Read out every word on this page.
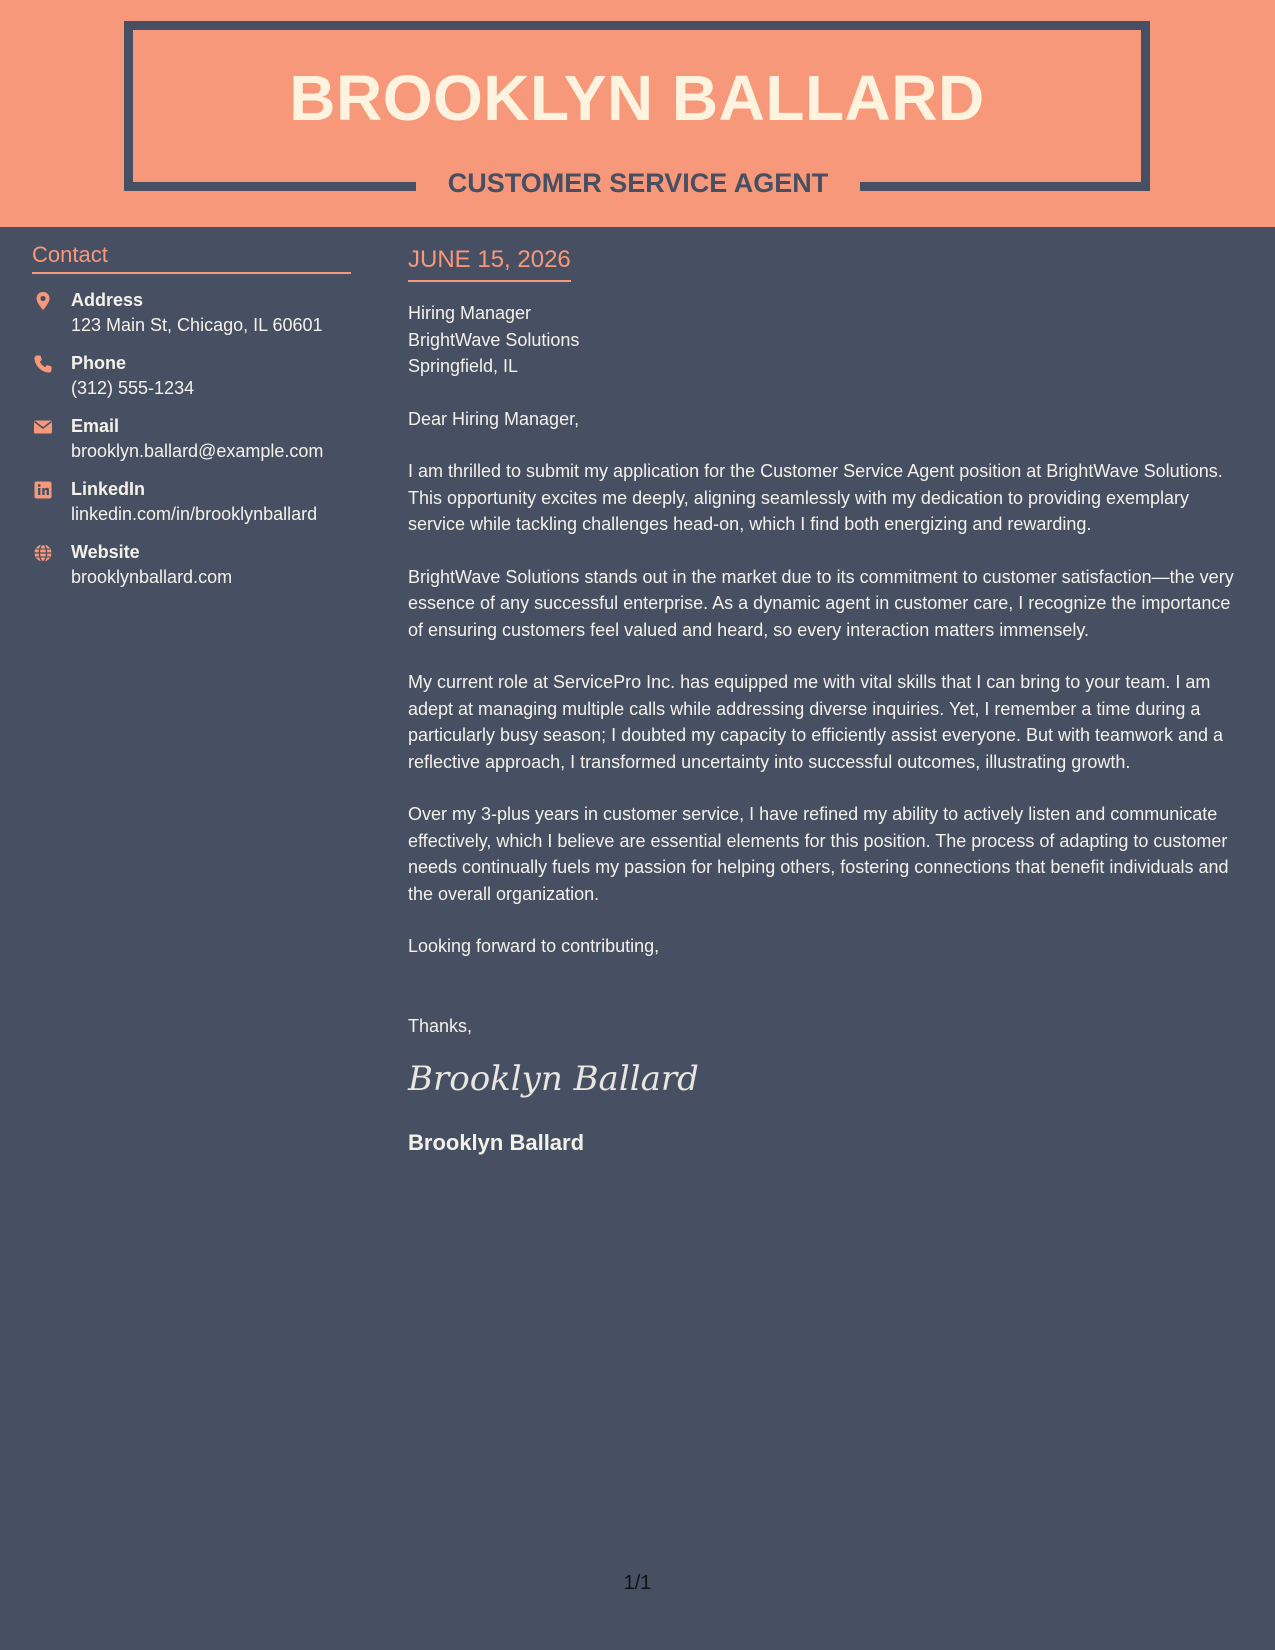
BROOKLYN BALLARD
CUSTOMER SERVICE AGENT
Contact
Address
123 Main St, Chicago, IL 60601
Phone
(312) 555-1234
Email
brooklyn.ballard@example.com
LinkedIn
linkedin.com/in/brooklynballard
Website
brooklynballard.com
JUNE 15, 2026
Hiring Manager
BrightWave Solutions
Springfield, IL
Dear Hiring Manager,
I am thrilled to submit my application for the Customer Service Agent position at BrightWave Solutions. This opportunity excites me deeply, aligning seamlessly with my dedication to providing exemplary service while tackling challenges head-on, which I find both energizing and rewarding.
BrightWave Solutions stands out in the market due to its commitment to customer satisfaction—the very essence of any successful enterprise. As a dynamic agent in customer care, I recognize the importance of ensuring customers feel valued and heard, so every interaction matters immensely.
My current role at ServicePro Inc. has equipped me with vital skills that I can bring to your team. I am adept at managing multiple calls while addressing diverse inquiries. Yet, I remember a time during a particularly busy season; I doubted my capacity to efficiently assist everyone. But with teamwork and a reflective approach, I transformed uncertainty into successful outcomes, illustrating growth.
Over my 3-plus years in customer service, I have refined my ability to actively listen and communicate effectively, which I believe are essential elements for this position. The process of adapting to customer needs continually fuels my passion for helping others, fostering connections that benefit individuals and the overall organization.
Looking forward to contributing,
Thanks,
Brooklyn Ballard
Brooklyn Ballard
1/1
